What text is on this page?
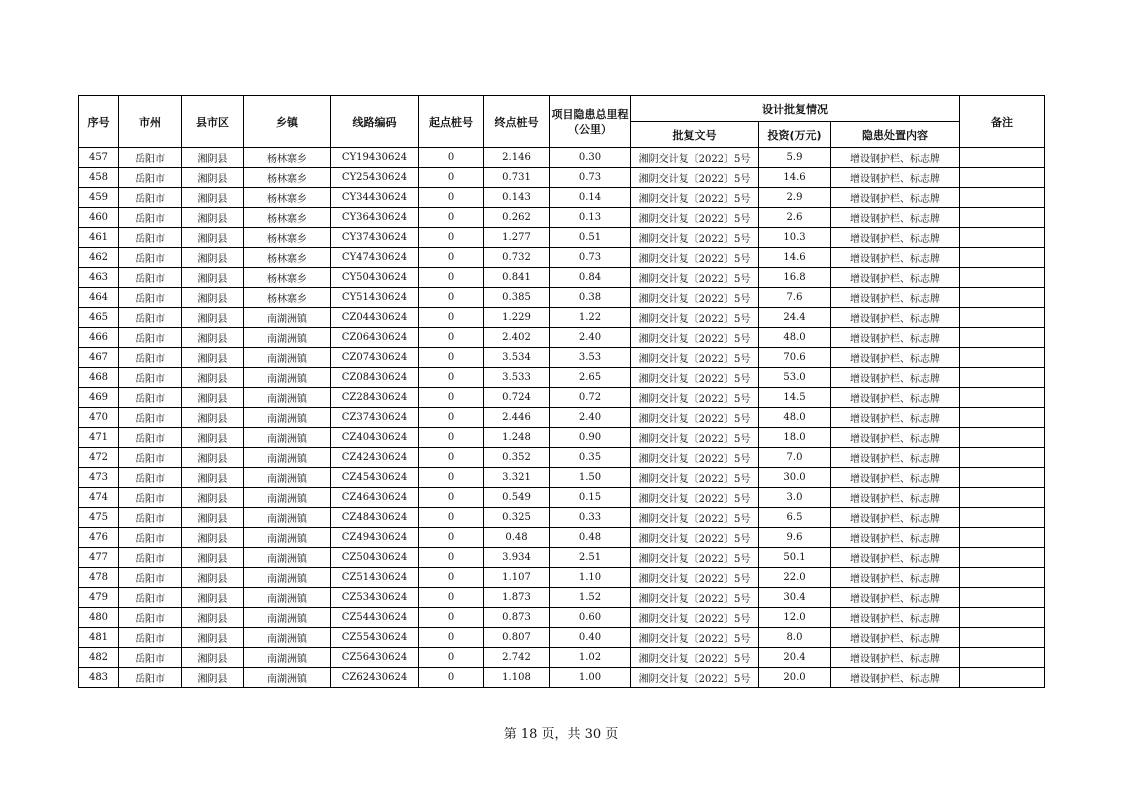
序号	市州	县市区	乡镇	线路编码	起点桩号	终点桩号	项目隐患总里程（公里）	设计批复情况			备注
								批复文号	投资(万元)	隐患处置内容	
457	岳阳市	湘阴县	杨林寨乡	CY19430624	0	2.146	0.30	湘阴交计复〔2022〕5号	5.9	增设钢护栏、标志牌	
458	岳阳市	湘阴县	杨林寨乡	CY25430624	0	0.731	0.73	湘阴交计复〔2022〕5号	14.6	增设钢护栏、标志牌	
459	岳阳市	湘阴县	杨林寨乡	CY34430624	0	0.143	0.14	湘阴交计复〔2022〕5号	2.9	增设钢护栏、标志牌	
460	岳阳市	湘阴县	杨林寨乡	CY36430624	0	0.262	0.13	湘阴交计复〔2022〕5号	2.6	增设钢护栏、标志牌	
461	岳阳市	湘阴县	杨林寨乡	CY37430624	0	1.277	0.51	湘阴交计复〔2022〕5号	10.3	增设钢护栏、标志牌	
462	岳阳市	湘阴县	杨林寨乡	CY47430624	0	0.732	0.73	湘阴交计复〔2022〕5号	14.6	增设钢护栏、标志牌	
463	岳阳市	湘阴县	杨林寨乡	CY50430624	0	0.841	0.84	湘阴交计复〔2022〕5号	16.8	增设钢护栏、标志牌	
464	岳阳市	湘阴县	杨林寨乡	CY51430624	0	0.385	0.38	湘阴交计复〔2022〕5号	7.6	增设钢护栏、标志牌	
465	岳阳市	湘阴县	南湖洲镇	CZ04430624	0	1.229	1.22	湘阴交计复〔2022〕5号	24.4	增设钢护栏、标志牌	
466	岳阳市	湘阴县	南湖洲镇	CZ06430624	0	2.402	2.40	湘阴交计复〔2022〕5号	48.0	增设钢护栏、标志牌	
467	岳阳市	湘阴县	南湖洲镇	CZ07430624	0	3.534	3.53	湘阴交计复〔2022〕5号	70.6	增设钢护栏、标志牌	
468	岳阳市	湘阴县	南湖洲镇	CZ08430624	0	3.533	2.65	湘阴交计复〔2022〕5号	53.0	增设钢护栏、标志牌	
469	岳阳市	湘阴县	南湖洲镇	CZ28430624	0	0.724	0.72	湘阴交计复〔2022〕5号	14.5	增设钢护栏、标志牌	
470	岳阳市	湘阴县	南湖洲镇	CZ37430624	0	2.446	2.40	湘阴交计复〔2022〕5号	48.0	增设钢护栏、标志牌	
471	岳阳市	湘阴县	南湖洲镇	CZ40430624	0	1.248	0.90	湘阴交计复〔2022〕5号	18.0	增设钢护栏、标志牌	
472	岳阳市	湘阴县	南湖洲镇	CZ42430624	0	0.352	0.35	湘阴交计复〔2022〕5号	7.0	增设钢护栏、标志牌	
473	岳阳市	湘阴县	南湖洲镇	CZ45430624	0	3.321	1.50	湘阴交计复〔2022〕5号	30.0	增设钢护栏、标志牌	
474	岳阳市	湘阴县	南湖洲镇	CZ46430624	0	0.549	0.15	湘阴交计复〔2022〕5号	3.0	增设钢护栏、标志牌	
475	岳阳市	湘阴县	南湖洲镇	CZ48430624	0	0.325	0.33	湘阴交计复〔2022〕5号	6.5	增设钢护栏、标志牌	
476	岳阳市	湘阴县	南湖洲镇	CZ49430624	0	0.48	0.48	湘阴交计复〔2022〕5号	9.6	增设钢护栏、标志牌	
477	岳阳市	湘阴县	南湖洲镇	CZ50430624	0	3.934	2.51	湘阴交计复〔2022〕5号	50.1	增设钢护栏、标志牌	
478	岳阳市	湘阴县	南湖洲镇	CZ51430624	0	1.107	1.10	湘阴交计复〔2022〕5号	22.0	增设钢护栏、标志牌	
479	岳阳市	湘阴县	南湖洲镇	CZ53430624	0	1.873	1.52	湘阴交计复〔2022〕5号	30.4	增设钢护栏、标志牌	
480	岳阳市	湘阴县	南湖洲镇	CZ54430624	0	0.873	0.60	湘阴交计复〔2022〕5号	12.0	增设钢护栏、标志牌	
481	岳阳市	湘阴县	南湖洲镇	CZ55430624	0	0.807	0.40	湘阴交计复〔2022〕5号	8.0	增设钢护栏、标志牌	
482	岳阳市	湘阴县	南湖洲镇	CZ56430624	0	2.742	1.02	湘阴交计复〔2022〕5号	20.4	增设钢护栏、标志牌	
483	岳阳市	湘阴县	南湖洲镇	CZ62430624	0	1.108	1.00	湘阴交计复〔2022〕5号	20.0	增设钢护栏、标志牌	
第 18 页，共 30 页
